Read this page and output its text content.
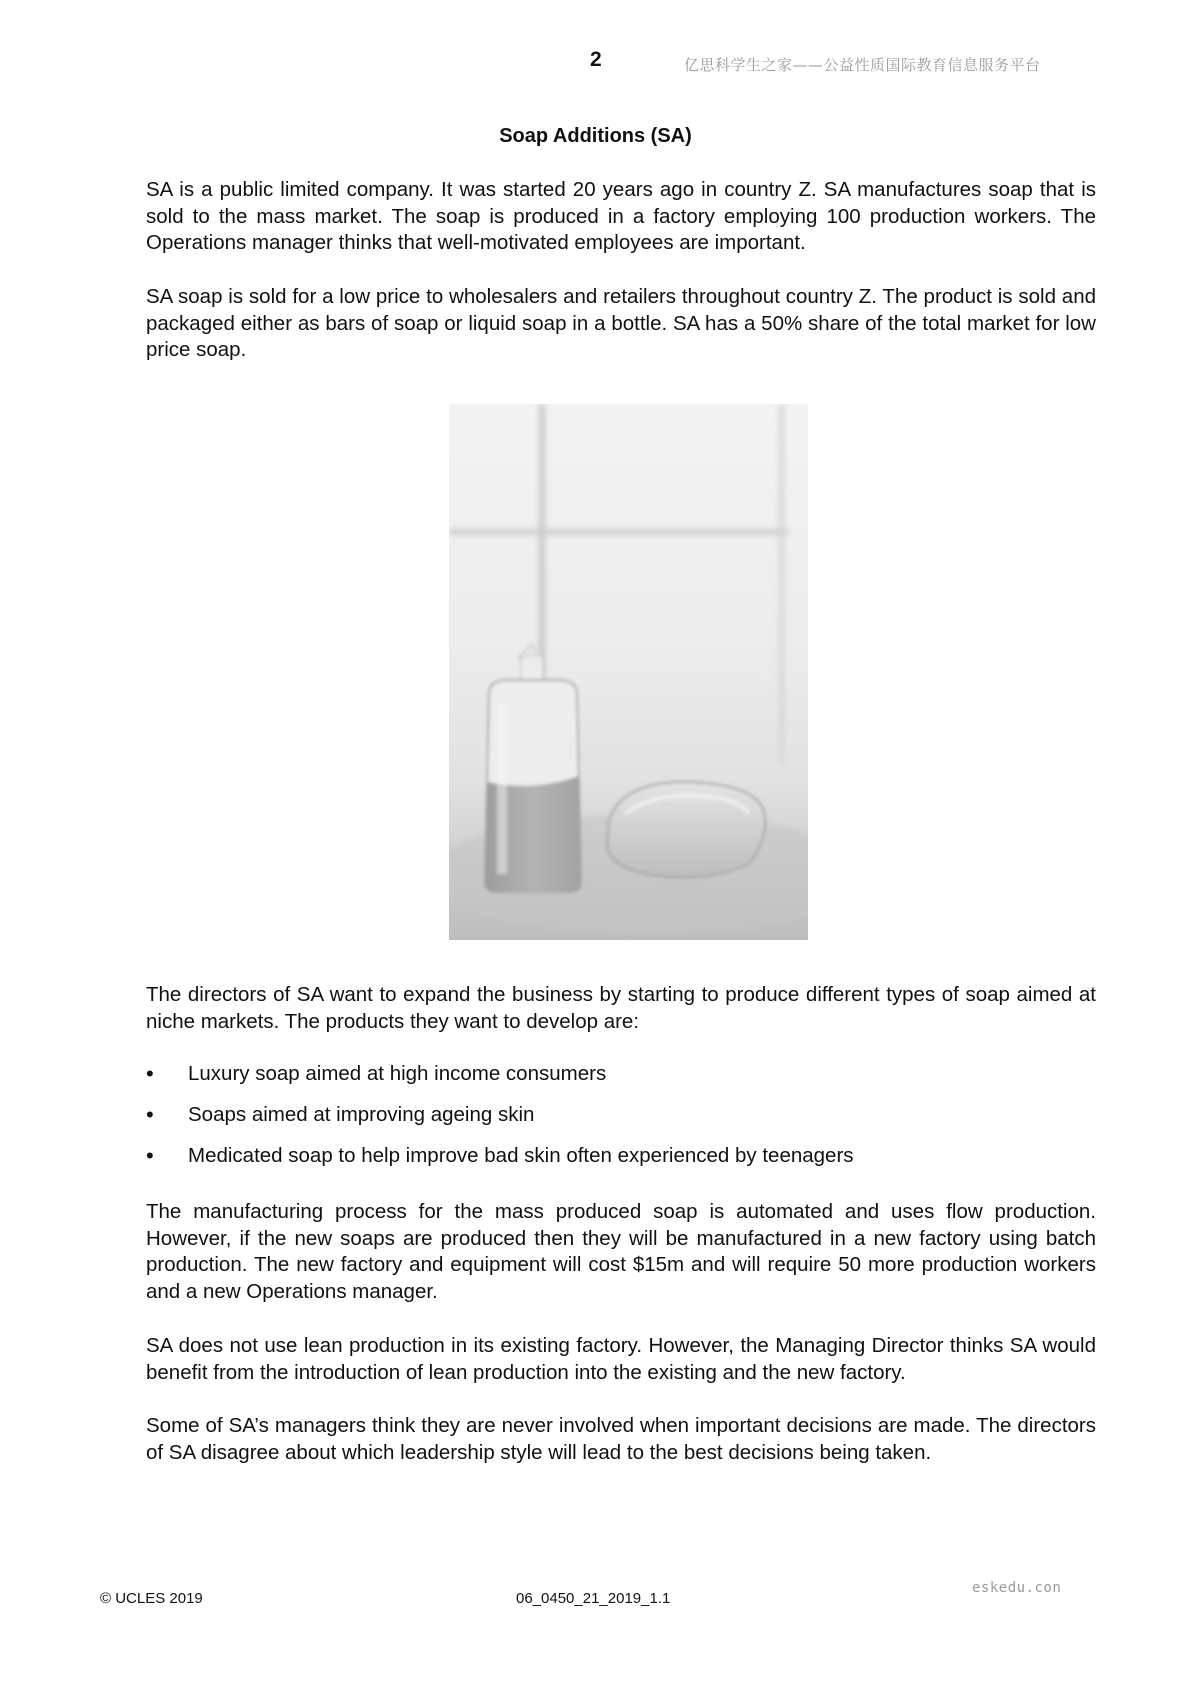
2	亿思科学生之家——公益性质国际教育信息服务平台
Soap Additions (SA)

SA is a public limited company. It was started 20 years ago in country Z. SA manufactures soap that is sold to the mass market. The soap is produced in a factory employing 100 production workers. The Operations manager thinks that well-motivated employees are important.

SA soap is sold for a low price to wholesalers and retailers throughout country Z. The product is sold and packaged either as bars of soap or liquid soap in a bottle. SA has a 50% share of the total market for low price soap.

The directors of SA want to expand the business by starting to produce different types of soap aimed at niche markets. The products they want to develop are:

• Luxury soap aimed at high income consumers
• Soaps aimed at improving ageing skin
• Medicated soap to help improve bad skin often experienced by teenagers

The manufacturing process for the mass produced soap is automated and uses flow production. However, if the new soaps are produced then they will be manufactured in a new factory using batch production. The new factory and equipment will cost $15m and will require 50 more production workers and a new Operations manager.

SA does not use lean production in its existing factory. However, the Managing Director thinks SA would benefit from the introduction of lean production into the existing and the new factory.

Some of SA’s managers think they are never involved when important decisions are made. The directors of SA disagree about which leadership style will lead to the best decisions being taken.

© UCLES 2019	06_0450_21_2019_1.1
eskedu.con
